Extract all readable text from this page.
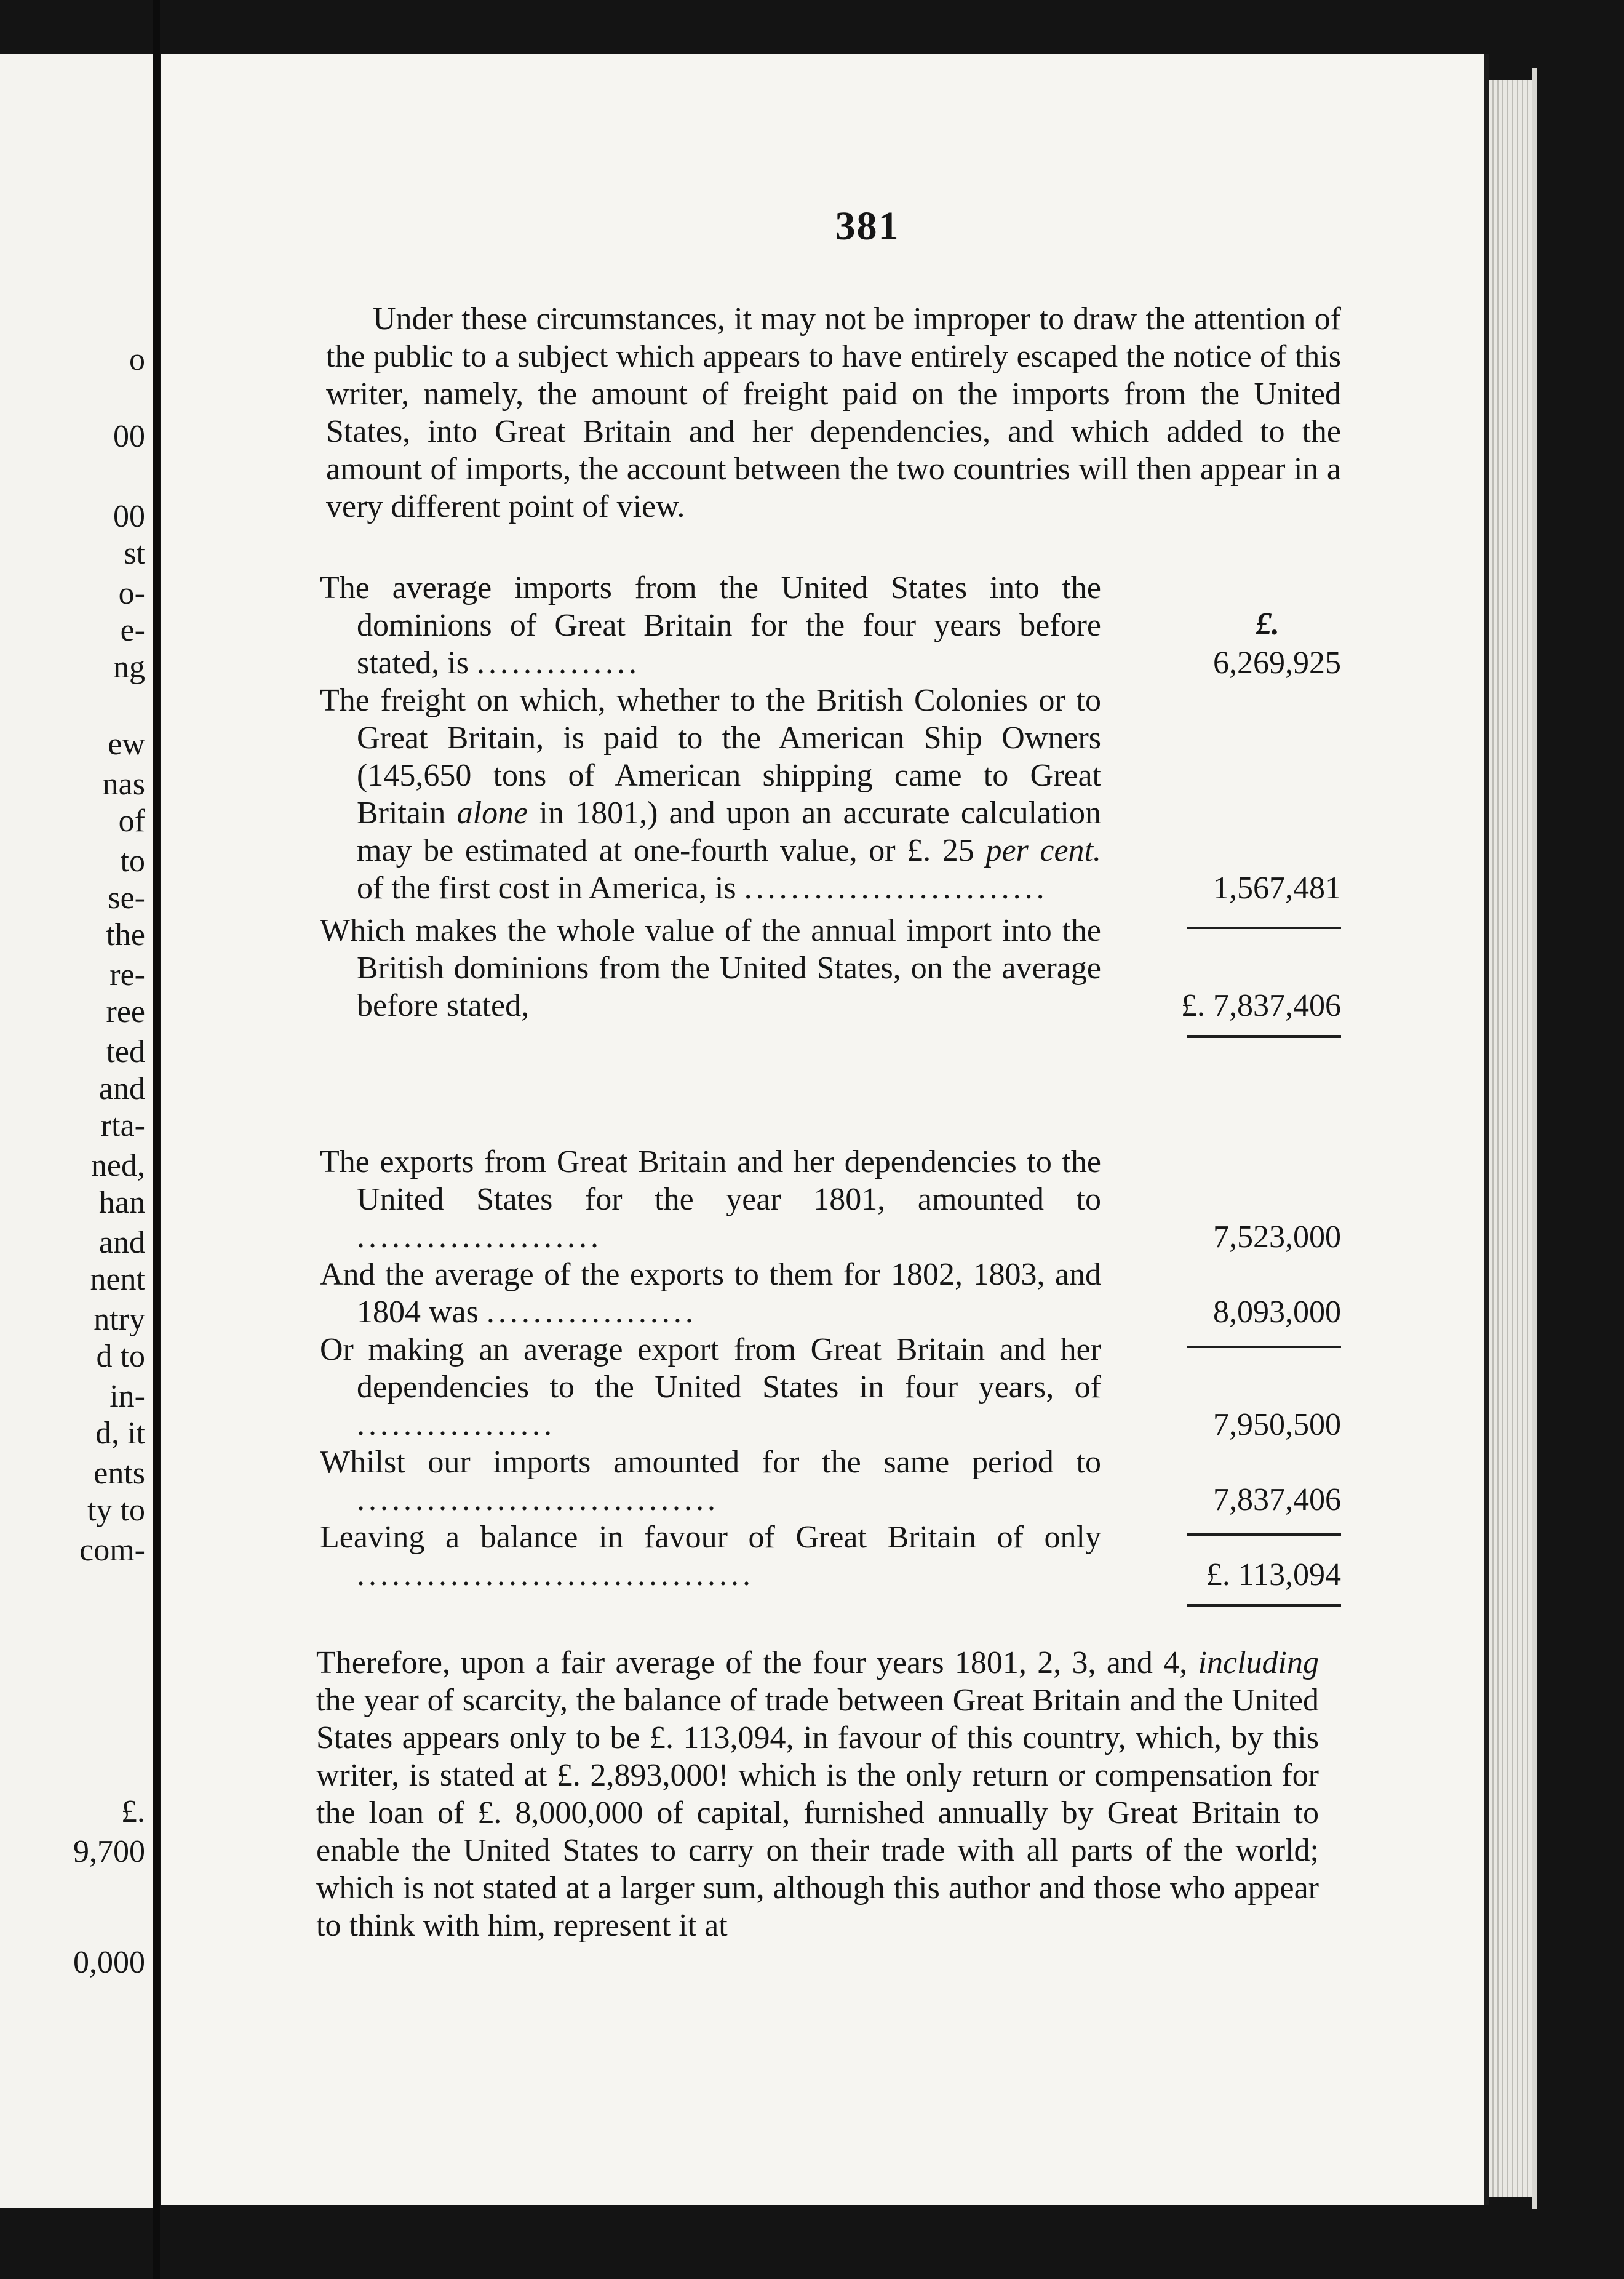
o
00
00
st
o-
e-
ng
ew
nas
of
to
se-
the
re-
ree
ted
and
rta-
ned,
han
and
nent
ntry
d to
in-
d, it
ents
ty to
com-
£.
9,700
0,000
381

Under these circumstances, it may not be improper to draw the attention of the public to a subject which appears to have entirely escaped the notice of this writer, namely, the amount of freight paid on the imports from the United States, into Great Britain and her dependencies, and which added to the amount of imports, the account between the two countries will then appear in a very different point of view.

£.
The average imports from the United States into the dominions of Great Britain for the four years before stated, is ..............	6,269,925
The freight on which, whether to the British Colonies or to Great Britain, is paid to the American Ship Owners (145,650 tons of American shipping came to Great Britain alone in 1801,) and upon an accurate calculation may be estimated at one-fourth value, or £. 25 per cent. of the first cost in America, is ..........................	1,567,481
Which makes the whole value of the annual import into the British dominions from the United States, on the average before stated,	£. 7,837,406
The exports from Great Britain and her dependencies to the United States for the year 1801, amounted to .....................	7,523,000
And the average of the exports to them for 1802, 1803, and 1804 was ..................	8,093,000
Or making an average export from Great Britain and her dependencies to the United States in four years, of .................	7,950,500
Whilst our imports amounted for the same period to ...............................	7,837,406
Leaving a balance in favour of Great Britain of only ..................................	£. 113,094

Therefore, upon a fair average of the four years 1801, 2, 3, and 4, including the year of scarcity, the balance of trade between Great Britain and the United States appears only to be £. 113,094, in favour of this country, which, by this writer, is stated at £. 2,893,000! which is the only return or compensation for the loan of £. 8,000,000 of capital, furnished annually by Great Britain to enable the United States to carry on their trade with all parts of the world; which is not stated at a larger sum, although this author and those who appear to think with him, represent it at
